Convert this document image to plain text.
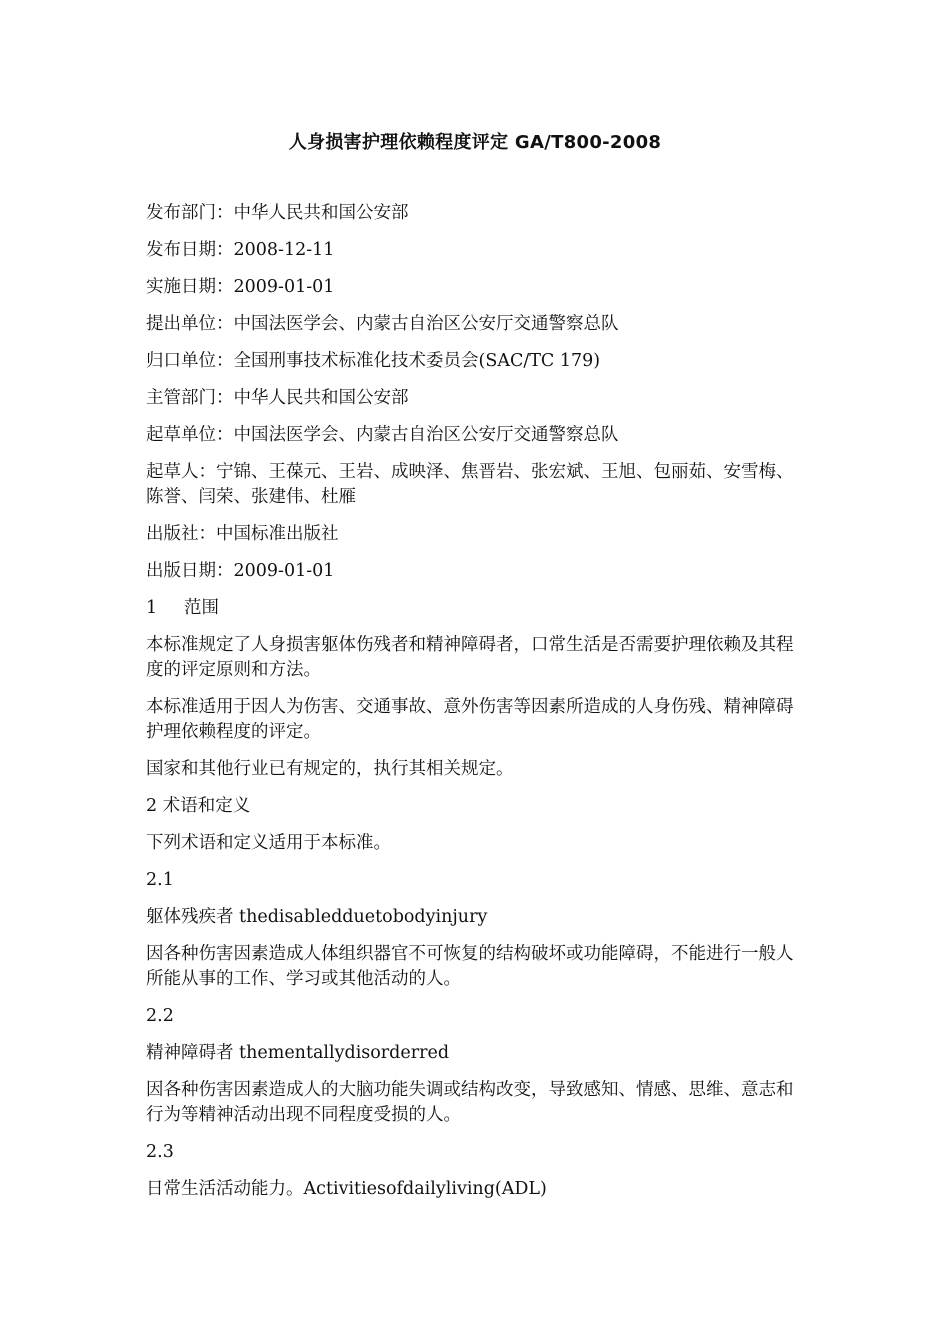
人身损害护理依赖程度评定 GA/T800-2008

发布部门：中华人民共和国公安部

发布日期：2008-12-11

实施日期：2009-01-01

提出单位：中国法医学会、内蒙古自治区公安厅交通警察总队

归口单位：全国刑事技术标准化技术委员会(SAC/TC 179)

主管部门：中华人民共和国公安部

起草单位：中国法医学会、内蒙古自治区公安厅交通警察总队

起草人：宁锦、王葆元、王岩、成映泽、焦晋岩、张宏斌、王旭、包丽茹、安雪梅、陈誉、闫荣、张建伟、杜雁

出版社：中国标准出版社

出版日期：2009-01-01

1 范围

本标准规定了人身损害躯体伤残者和精神障碍者，口常生活是否需要护理依赖及其程度的评定原则和方法。

本标准适用于因人为伤害、交通事故、意外伤害等因素所造成的人身伤残、精神障碍护理依赖程度的评定。

国家和其他行业已有规定的，执行其相关规定。

2 术语和定义

下列术语和定义适用于本标准。

2.1

躯体残疾者 thedisabledduetobodyinjury

因各种伤害因素造成人体组织器官不可恢复的结构破坏或功能障碍，不能进行一般人所能从事的工作、学习或其他活动的人。

2.2

精神障碍者 thementallydisorderred

因各种伤害因素造成人的大脑功能失调或结构改变，导致感知、情感、思维、意志和行为等精神活动出现不同程度受损的人。

2.3

日常生活活动能力。Activitiesofdailyliving(ADL)
